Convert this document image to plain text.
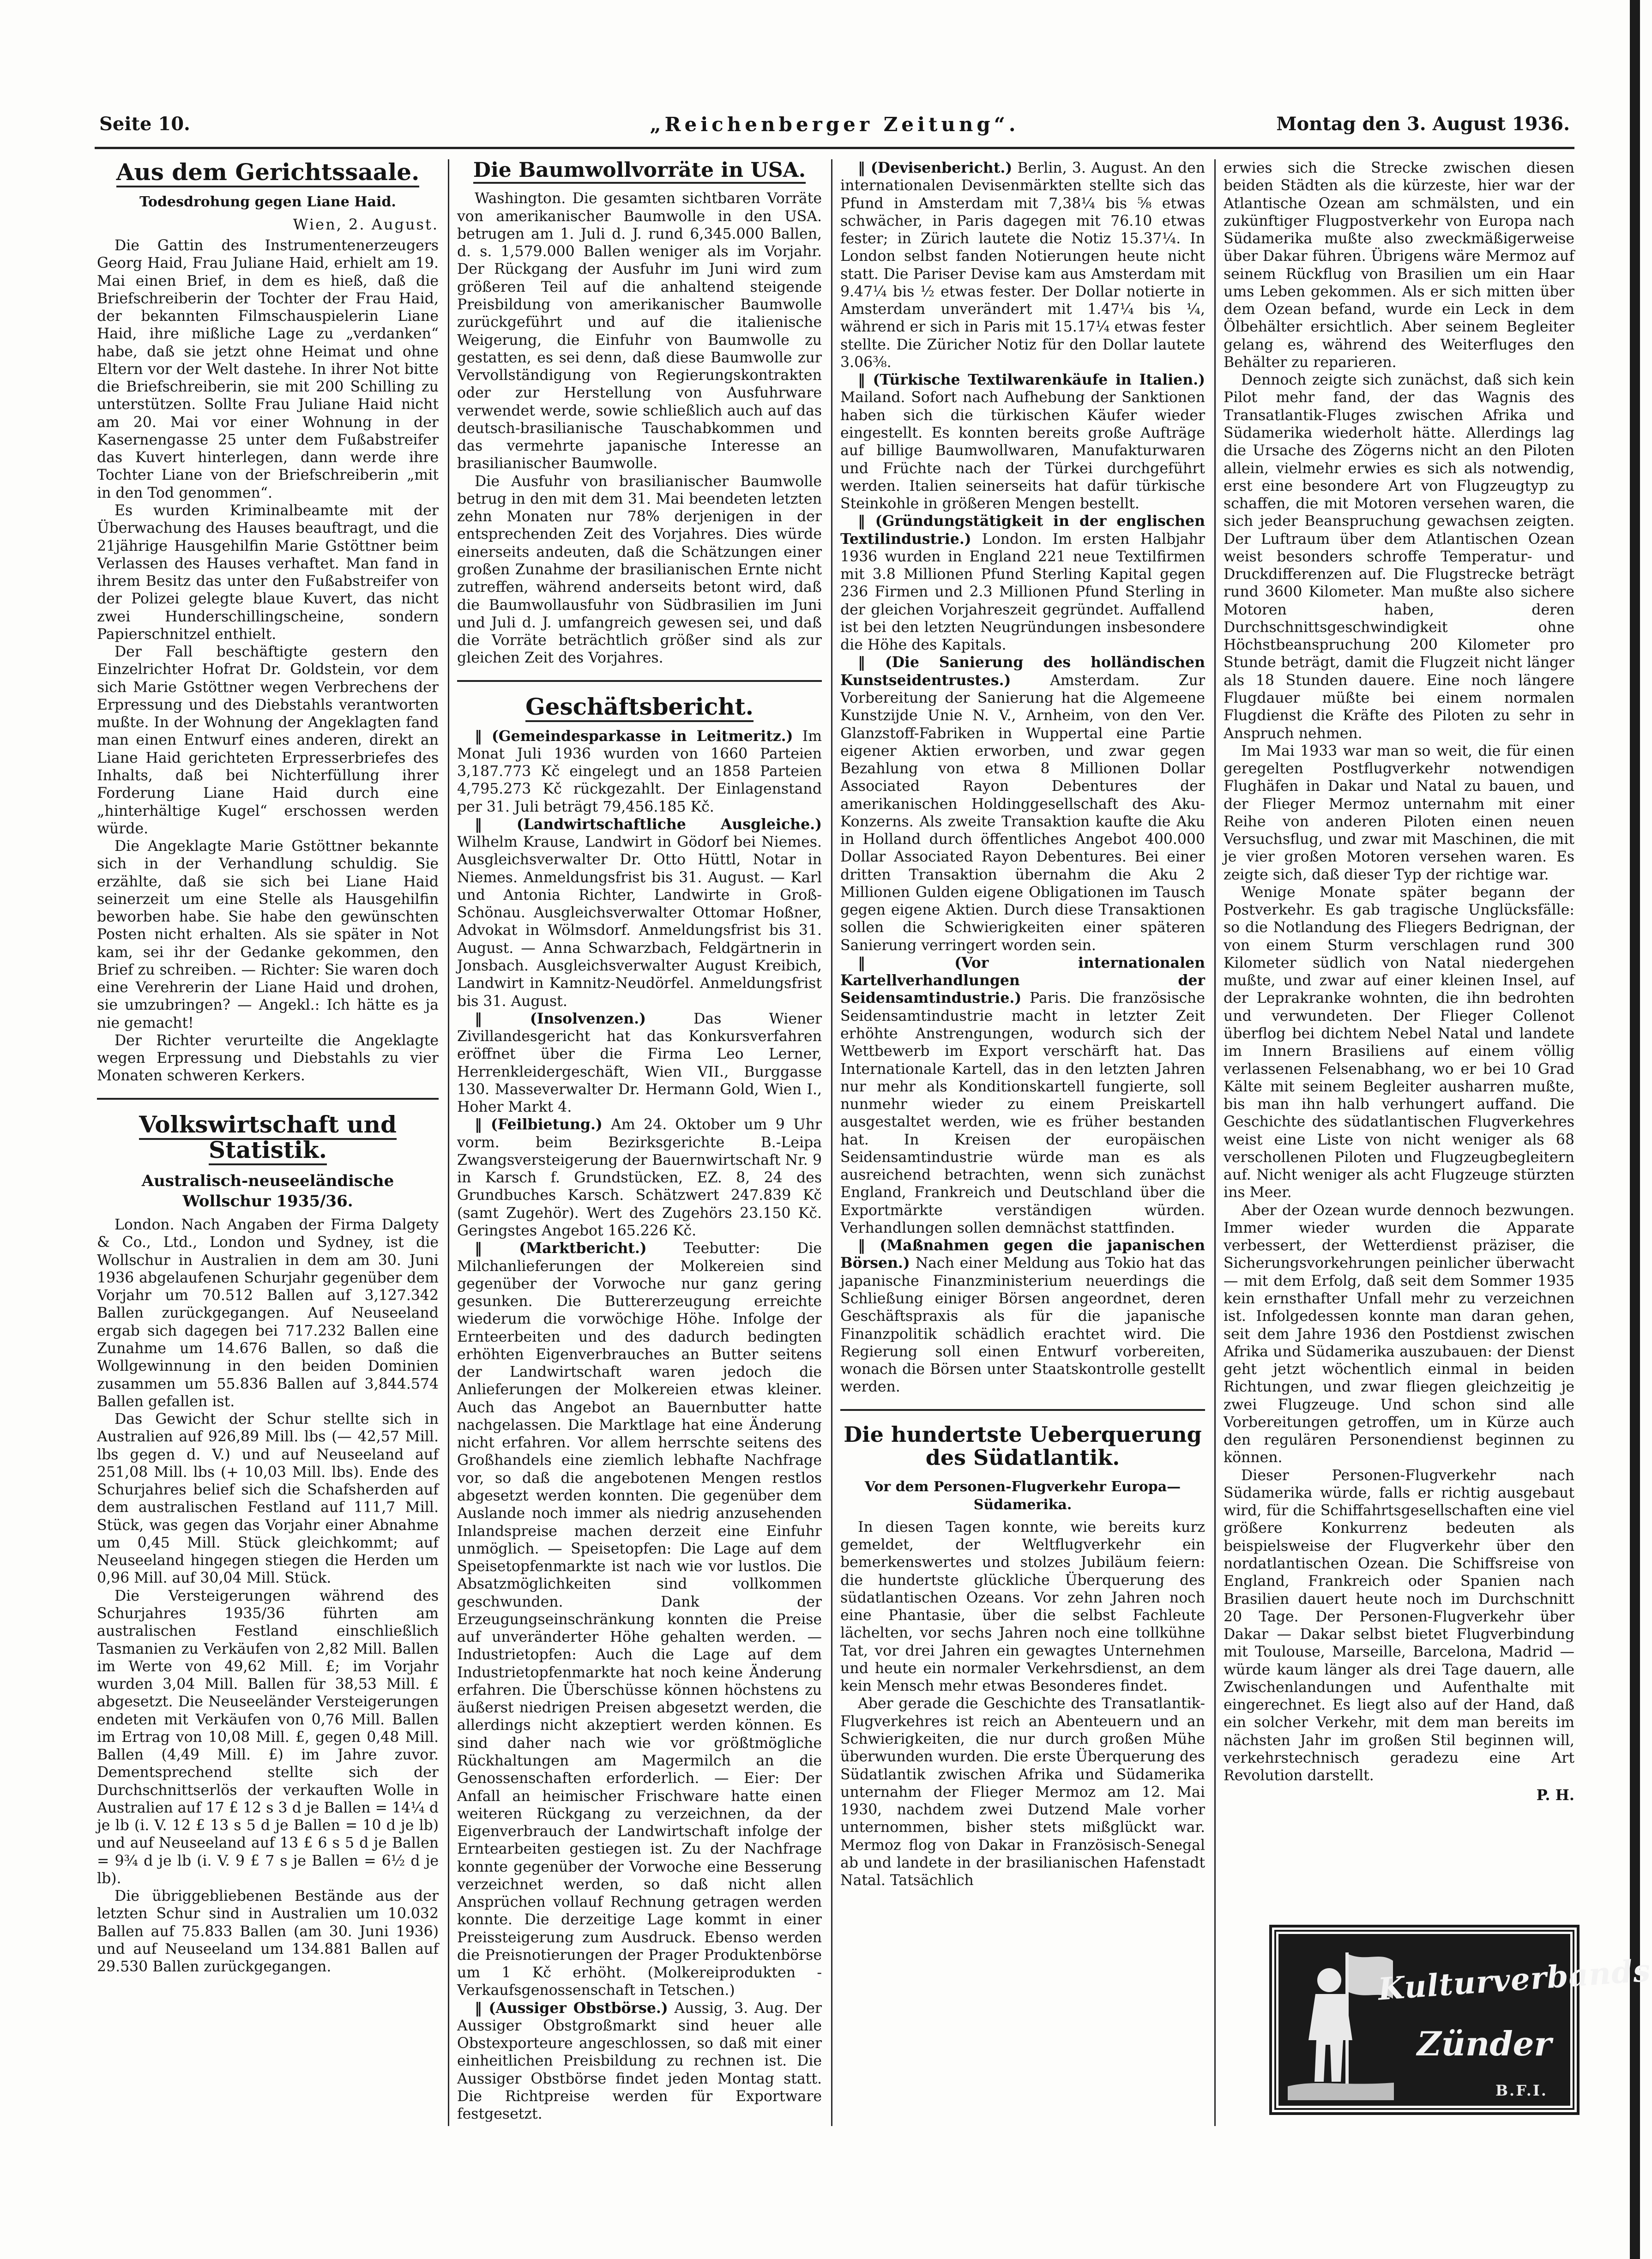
Seite 10.	„Reichenberger Zeitung“.	Montag den 3. August 1936.
Aus dem Gerichtssaale.
Todesdrohung gegen Liane Haid.
Wien, 2. August.

Die Gattin des Instrumentenerzeugers Georg Haid, Frau Juliane Haid, erhielt am 19. Mai einen Brief, in dem es hieß, daß die Briefschreiberin der Tochter der Frau Haid, der bekannten Filmschauspielerin Liane Haid, ihre mißliche Lage zu „verdanken“ habe, daß sie jetzt ohne Heimat und ohne Eltern vor der Welt dastehe. In ihrer Not bitte die Briefschreiberin, sie mit 200 Schilling zu unterstützen. Sollte Frau Juliane Haid nicht am 20. Mai vor einer Wohnung in der Kasernengasse 25 unter dem Fußabstreifer das Kuvert hinterlegen, dann werde ihre Tochter Liane von der Briefschreiberin „mit in den Tod genommen“.

Es wurden Kriminalbeamte mit der Überwachung des Hauses beauftragt, und die 21jährige Hausgehilfin Marie Gstöttner beim Verlassen des Hauses verhaftet. Man fand in ihrem Besitz das unter den Fußabstreifer von der Polizei gelegte blaue Kuvert, das nicht zwei Hunderschillingscheine, sondern Papierschnitzel enthielt.

Der Fall beschäftigte gestern den Einzelrichter Hofrat Dr. Goldstein, vor dem sich Marie Gstöttner wegen Verbrechens der Erpressung und des Diebstahls verantworten mußte. In der Wohnung der Angeklagten fand man einen Entwurf eines anderen, direkt an Liane Haid gerichteten Erpresserbriefes des Inhalts, daß bei Nichterfüllung ihrer Forderung Liane Haid durch eine „hinterhältige Kugel“ erschossen werden würde.

Die Angeklagte Marie Gstöttner bekannte sich in der Verhandlung schuldig. Sie erzählte, daß sie sich bei Liane Haid seinerzeit um eine Stelle als Hausgehilfin beworben habe. Sie habe den gewünschten Posten nicht erhalten. Als sie später in Not kam, sei ihr der Gedanke gekommen, den Brief zu schreiben. — Richter: Sie waren doch eine Verehrerin der Liane Haid und drohen, sie umzubringen? — Angekl.: Ich hätte es ja nie gemacht!

Der Richter verurteilte die Angeklagte wegen Erpressung und Diebstahls zu vier Monaten schweren Kerkers.

Volkswirtschaft und Statistik.
Australisch-neuseeländische Wollschur 1935/36.

London. Nach Angaben der Firma Dalgety & Co., Ltd., London und Sydney, ist die Wollschur in Australien in dem am 30. Juni 1936 abgelaufenen Schurjahr gegenüber dem Vorjahr um 70.512 Ballen auf 3,127.342 Ballen zurückgegangen. Auf Neuseeland ergab sich dagegen bei 717.232 Ballen eine Zunahme um 14.676 Ballen, so daß die Wollgewinnung in den beiden Dominien zusammen um 55.836 Ballen auf 3,844.574 Ballen gefallen ist.

Das Gewicht der Schur stellte sich in Australien auf 926,89 Mill. lbs (— 42,57 Mill. lbs gegen d. V.) und auf Neuseeland auf 251,08 Mill. lbs (+ 10,03 Mill. lbs). Ende des Schurjahres belief sich die Schafsherden auf dem australischen Festland auf 111,7 Mill. Stück, was gegen das Vorjahr einer Abnahme um 0,45 Mill. Stück gleichkommt; auf Neuseeland hingegen stiegen die Herden um 0,96 Mill. auf 30,04 Mill. Stück.

Die Versteigerungen während des Schurjahres 1935/36 führten am australischen Festland einschließlich Tasmanien zu Verkäufen von 2,82 Mill. Ballen im Werte von 49,62 Mill. £; im Vorjahr wurden 3,04 Mill. Ballen für 38,53 Mill. £ abgesetzt. Die Neuseeländer Versteigerungen endeten mit Verkäufen von 0,76 Mill. Ballen im Ertrag von 10,08 Mill. £, gegen 0,48 Mill. Ballen (4,49 Mill. £) im Jahre zuvor. Dementsprechend stellte sich der Durchschnittserlös der verkauften Wolle in Australien auf 17 £ 12 s 3 d je Ballen = 14¼ d je lb (i. V. 12 £ 13 s 5 d je Ballen = 10 d je lb) und auf Neuseeland auf 13 £ 6 s 5 d je Ballen = 9¾ d je lb (i. V. 9 £ 7 s je Ballen = 6½ d je lb).

Die übriggebliebenen Bestände aus der letzten Schur sind in Australien um 10.032 Ballen auf 75.833 Ballen (am 30. Juni 1936) und auf Neuseeland um 134.881 Ballen auf 29.530 Ballen zurückgegangen.

Die Baumwollvorräte in USA.

Washington. Die gesamten sichtbaren Vorräte von amerikanischer Baumwolle in den USA. betrugen am 1. Juli d. J. rund 6,345.000 Ballen, d. s. 1,579.000 Ballen weniger als im Vorjahr. Der Rückgang der Ausfuhr im Juni wird zum größeren Teil auf die anhaltend steigende Preisbildung von amerikanischer Baumwolle zurückgeführt und auf die italienische Weigerung, die Einfuhr von Baumwolle zu gestatten, es sei denn, daß diese Baumwolle zur Vervollständigung von Regierungskontrakten oder zur Herstellung von Ausfuhrware verwendet werde, sowie schließlich auch auf das deutsch-brasilianische Tauschabkommen und das vermehrte japanische Interesse an brasilianischer Baumwolle.

Die Ausfuhr von brasilianischer Baumwolle betrug in den mit dem 31. Mai beendeten letzten zehn Monaten nur 78% derjenigen in der entsprechenden Zeit des Vorjahres. Dies würde einerseits andeuten, daß die Schätzungen einer großen Zunahme der brasilianischen Ernte nicht zutreffen, während anderseits betont wird, daß die Baumwollausfuhr von Südbrasilien im Juni und Juli d. J. umfangreich gewesen sei, und daß die Vorräte beträchtlich größer sind als zur gleichen Zeit des Vorjahres.

Geschäftsbericht.

‖ (Gemeindesparkasse in Leitmeritz.) Im Monat Juli 1936 wurden von 1660 Parteien 3,187.773 Kč eingelegt und an 1858 Parteien 4,795.273 Kč rückgezahlt. Der Einlagenstand per 31. Juli beträgt 79,456.185 Kč.

‖ (Landwirtschaftliche Ausgleiche.) Wilhelm Krause, Landwirt in Gödorf bei Niemes. Ausgleichsverwalter Dr. Otto Hüttl, Notar in Niemes. Anmeldungsfrist bis 31. August. — Karl und Antonia Richter, Landwirte in Groß-Schönau. Ausgleichsverwalter Ottomar Hoßner, Advokat in Wölmsdorf. Anmeldungsfrist bis 31. August. — Anna Schwarzbach, Feldgärtnerin in Jonsbach. Ausgleichsverwalter August Kreibich, Landwirt in Kamnitz-Neudörfel. Anmeldungsfrist bis 31. August.

‖ (Insolvenzen.)	Das Wiener Zivillandesgericht hat das Konkursverfahren eröffnet über die Firma Leo Lerner, Herrenkleidergeschäft, Wien VII., Burggasse 130. Masseverwalter Dr. Hermann Gold, Wien I., Hoher Markt 4.

‖ (Feilbietung.) Am 24. Oktober um 9 Uhr vorm. beim Bezirksgerichte B.-Leipa Zwangsversteigerung der Bauernwirtschaft Nr. 9 in Karsch f. Grundstücken, EZ. 8, 24 des Grundbuches Karsch. Schätzwert 247.839 Kč (samt Zugehör). Wert des Zugehörs 23.150 Kč. Geringstes Angebot 165.226 Kč.

‖ (Marktbericht.)	Teebutter: Die Milchanlieferungen der Molkereien sind gegenüber der Vorwoche nur ganz gering gesunken. Die Buttererzeugung erreichte wiederum die vorwöchige Höhe. Infolge der Ernteerbeiten und des dadurch bedingten erhöhten Eigenverbrauches an Butter seitens der Landwirtschaft waren jedoch die Anlieferungen der Molkereien etwas kleiner. Auch das Angebot an Bauernbutter hatte nachgelassen. Die Marktlage hat eine Änderung nicht erfahren. Vor allem herrschte seitens des Großhandels eine ziemlich lebhafte Nachfrage vor, so daß die angebotenen Mengen restlos abgesetzt werden konnten. Die gegenüber dem Auslande noch immer als niedrig anzusehenden Inlandspreise machen derzeit eine Einfuhr unmöglich. — Speisetopfen: Die Lage auf dem Speisetopfenmarkte ist nach wie vor lustlos. Die Absatzmöglichkeiten sind vollkommen geschwunden. Dank der Erzeugungseinschränkung konnten die Preise auf unveränderter Höhe gehalten werden. — Industrietopfen: Auch die Lage auf dem Industrietopfenmarkte hat noch keine Änderung erfahren. Die Überschüsse können höchstens zu äußerst niedrigen Preisen abgesetzt werden, die allerdings nicht akzeptiert werden können. Es sind daher nach wie vor größtmögliche Rückhaltungen am Magermilch an die Genossenschaften erforderlich. — Eier: Der Anfall an heimischer Frischware hatte einen weiteren Rückgang zu verzeichnen, da der Eigenverbrauch der Landwirtschaft infolge der Erntearbeiten gestiegen ist. Zu der Nachfrage konnte gegenüber der Vorwoche eine Besserung verzeichnet werden, so daß nicht allen Ansprüchen vollauf Rechnung getragen werden konnte. Die derzeitige Lage kommt in einer Preissteigerung zum Ausdruck. Ebenso werden die Preisnotierungen der Prager Produktenbörse um 1 Kč erhöht. (Molkereiprodukten - Verkaufsgenossenschaft in Tetschen.)

‖ (Aussiger Obstbörse.) Aussig, 3. Aug. Der Aussiger Obstgroßmarkt sind heuer alle Obstexporteure angeschlossen, so daß mit einer einheitlichen Preisbildung zu rechnen ist. Die Aussiger Obstbörse findet jeden Montag statt. Die Richtpreise werden für Exportware festgesetzt.

‖ (Devisenbericht.) Berlin, 3. August. An den internationalen Devisenmärkten stellte sich das Pfund in Amsterdam mit 7,38¼ bis ⅝ etwas schwächer, in Paris dagegen mit 76.10 etwas fester; in Zürich lautete die Notiz 15.37¼. In London selbst fanden Notierungen heute nicht statt. Die Pariser Devise kam aus Amsterdam mit 9.47¼ bis ½ etwas fester. Der Dollar notierte in Amsterdam unverändert mit 1.47¼ bis ¼, während er sich in Paris mit 15.17¼ etwas fester stellte. Die Züricher Notiz für den Dollar lautete 3.06⅜.

‖ (Türkische Textilwarenkäufe in Italien.) Mailand. Sofort nach Aufhebung der Sanktionen haben sich die türkischen Käufer wieder eingestellt. Es konnten bereits große Aufträge auf billige Baumwollwaren, Manufakturwaren und Früchte nach der Türkei durchgeführt werden. Italien seinerseits hat dafür türkische Steinkohle in größeren Mengen bestellt.

‖ (Gründungstätigkeit in der englischen Textilindustrie.) London. Im ersten Halbjahr 1936 wurden in England 221 neue Textilfirmen mit 3.8 Millionen Pfund Sterling Kapital gegen 236 Firmen und 2.3 Millionen Pfund Sterling in der gleichen Vorjahreszeit gegründet. Auffallend ist bei den letzten Neugründungen insbesondere die Höhe des Kapitals.

‖ (Die Sanierung des holländischen Kunstseidentrustes.)	Amsterdam. Zur Vorbereitung der Sanierung hat die Algemeene Kunstzijde Unie N. V., Arnheim, von den Ver. Glanzstoff-Fabriken in Wuppertal eine Partie eigener Aktien erworben, und zwar gegen Bezahlung von etwa 8 Millionen Dollar Associated Rayon Debentures der amerikanischen Holdinggesellschaft des Aku-Konzerns. Als zweite Transaktion kaufte die Aku in Holland durch öffentliches Angebot 400.000 Dollar Associated Rayon Debentures. Bei einer dritten Transaktion übernahm die Aku 2 Millionen Gulden eigene Obligationen im Tausch gegen eigene Aktien. Durch diese Transaktionen sollen die Schwierigkeiten einer späteren Sanierung verringert worden sein.

‖ (Vor internationalen Kartellverhandlungen der Seidensamtindustrie.) Paris. Die französische Seidensamtindustrie macht in letzter Zeit erhöhte Anstrengungen, wodurch sich der Wettbewerb im Export verschärft hat. Das Internationale Kartell, das in den letzten Jahren nur mehr als Konditionskartell fungierte, soll nunmehr wieder zu einem Preiskartell ausgestaltet werden, wie es früher bestanden hat. In Kreisen der europäischen Seidensamtindustrie würde man es als ausreichend betrachten, wenn sich zunächst England, Frankreich und Deutschland über die Exportmärkte verständigen würden. Verhandlungen sollen demnächst stattfinden.

‖ (Maßnahmen gegen die japanischen Börsen.) Nach einer Meldung aus Tokio hat das japanische Finanzministerium neuerdings die Schließung einiger Börsen angeordnet, deren Geschäftspraxis als für die japanische Finanzpolitik schädlich erachtet wird. Die Regierung soll einen Entwurf vorbereiten, wonach die Börsen unter Staatskontrolle gestellt werden.

Die hundertste Ueberquerung des Südatlantik.
Vor dem Personen-Flugverkehr Europa—Südamerika.

In diesen Tagen konnte, wie bereits kurz gemeldet, der Weltflugverkehr ein bemerkenswertes und stolzes Jubiläum feiern: die hundertste glückliche Überquerung des südatlantischen Ozeans. Vor zehn Jahren noch eine Phantasie, über die selbst Fachleute lächelten, vor sechs Jahren noch eine tollkühne Tat, vor drei Jahren ein gewagtes Unternehmen und heute ein normaler Verkehrsdienst, an dem kein Mensch mehr etwas Besonderes findet.

Aber gerade die Geschichte des Transatlantik-Flugverkehres ist reich an Abenteuern und an Schwierigkeiten, die nur durch großen Mühe überwunden wurden. Die erste Überquerung des Südatlantik zwischen Afrika und Südamerika unternahm der Flieger Mermoz am 12. Mai 1930, nachdem zwei Dutzend Male vorher unternommen, bisher stets mißglückt war. Mermoz flog von Dakar in Französisch-Senegal ab und landete in der brasilianischen Hafenstadt Natal. Tatsächlich

erwies sich die Strecke zwischen diesen beiden Städten als die kürzeste, hier war der Atlantische Ozean am schmälsten, und ein zukünftiger Flugpostverkehr von Europa nach Südamerika mußte also zweckmäßigerweise über Dakar führen. Übrigens wäre Mermoz auf seinem Rückflug von Brasilien um ein Haar ums Leben gekommen. Als er sich mitten über dem Ozean befand, wurde ein Leck in dem Ölbehälter ersichtlich. Aber seinem Begleiter gelang es, während des Weiterfluges den Behälter zu reparieren.

Dennoch zeigte sich zunächst, daß sich kein Pilot mehr fand, der das Wagnis des Transatlantik-Fluges zwischen Afrika und Südamerika wiederholt hätte. Allerdings lag die Ursache des Zögerns nicht an den Piloten allein, vielmehr erwies es sich als notwendig, erst eine besondere Art von Flugzeugtyp zu schaffen, die mit Motoren versehen waren, die sich jeder Beanspruchung gewachsen zeigten. Der Luftraum über dem Atlantischen Ozean weist besonders schroffe Temperatur- und Druckdifferenzen auf. Die Flugstrecke beträgt rund 3600 Kilometer. Man mußte also sichere Motoren haben, deren Durchschnittsgeschwindigkeit ohne Höchstbeanspruchung 200 Kilometer pro Stunde beträgt, damit die Flugzeit nicht länger als 18 Stunden dauere. Eine noch längere Flugdauer müßte bei einem normalen Flugdienst die Kräfte des Piloten zu sehr in Anspruch nehmen.

Im Mai 1933 war man so weit, die für einen geregelten Postflugverkehr notwendigen Flughäfen in Dakar und Natal zu bauen, und der Flieger Mermoz unternahm mit einer Reihe von anderen Piloten einen neuen Versuchsflug, und zwar mit Maschinen, die mit je vier großen Motoren versehen waren. Es zeigte sich, daß dieser Typ der richtige war.

Wenige Monate später begann der Postverkehr. Es gab tragische Unglücksfälle: so die Notlandung des Fliegers Bedrignan, der von einem Sturm verschlagen rund 300 Kilometer südlich von Natal niedergehen mußte, und zwar auf einer kleinen Insel, auf der Leprakranke wohnten, die ihn bedrohten und verwundeten. Der Flieger Collenot überflog bei dichtem Nebel Natal und landete im Innern Brasiliens auf einem völlig verlassenen Felsenabhang, wo er bei 10 Grad Kälte mit seinem Begleiter ausharren mußte, bis man ihn halb verhungert auffand. Die Geschichte des südatlantischen Flugverkehres weist eine Liste von nicht weniger als 68 verschollenen Piloten und Flugzeugbegleitern auf. Nicht weniger als acht Flugzeuge stürzten ins Meer.

Aber der Ozean wurde dennoch bezwungen. Immer wieder wurden die Apparate verbessert, der Wetterdienst präziser, die Sicherungsvorkehrungen peinlicher überwacht — mit dem Erfolg, daß seit dem Sommer 1935 kein ernsthafter Unfall mehr zu verzeichnen ist. Infolgedessen konnte man daran gehen, seit dem Jahre 1936 den Postdienst zwischen Afrika und Südamerika auszubauen: der Dienst geht jetzt wöchentlich einmal in beiden Richtungen, und zwar fliegen gleichzeitig je zwei Flugzeuge. Und schon sind alle Vorbereitungen getroffen, um in Kürze auch den regulären Personendienst beginnen zu können.

Dieser Personen-Flugverkehr nach Südamerika würde, falls er richtig ausgebaut wird, für die Schiffahrtsgesellschaften eine viel größere Konkurrenz bedeuten als beispielsweise der Flugverkehr über den nordatlantischen Ozean. Die Schiffsreise von England, Frankreich oder Spanien nach Brasilien dauert heute noch im Durchschnitt 20 Tage. Der Personen-Flugverkehr über Dakar — Dakar selbst bietet Flugverbindung mit Toulouse, Marseille, Barcelona, Madrid — würde kaum länger als drei Tage dauern, alle Zwischenlandungen und Aufenthalte mit eingerechnet. Es liegt also auf der Hand, daß ein solcher Verkehr, mit dem man bereits im nächsten Jahr im großen Stil beginnen will, verkehrstechnisch geradezu eine Art Revolution darstellt.

P. H.
Kulturverbands
Zünder
B.F.I.
